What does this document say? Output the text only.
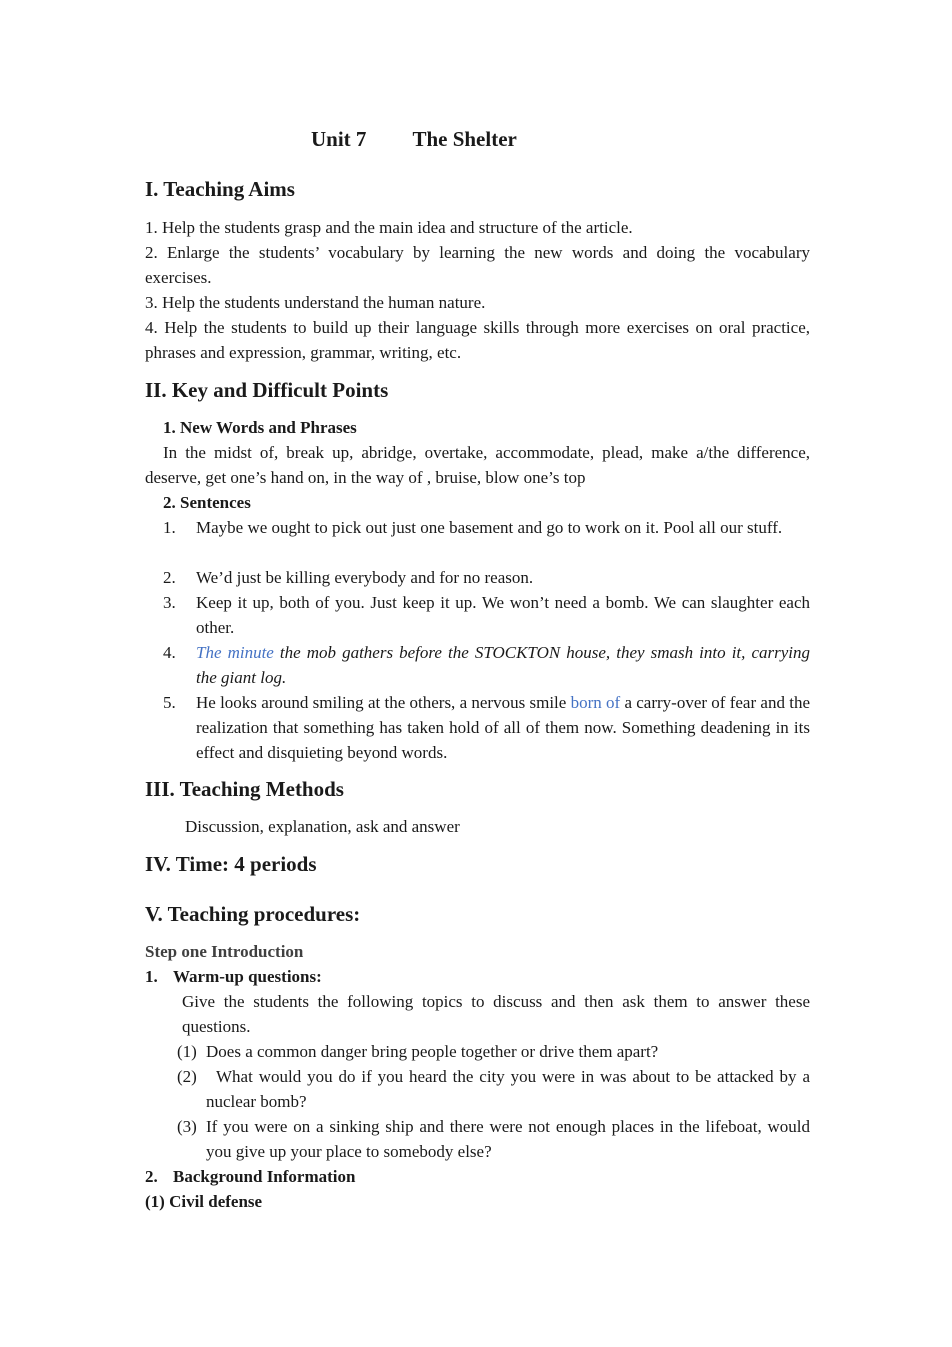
Unit 7 The Shelter
I. Teaching Aims

1. Help the students grasp and the main idea and structure of the article.

2. Enlarge the students’ vocabulary by learning the new words and doing the vocabulary exercises.

3. Help the students understand the human nature.

4. Help the students to build up their language skills through more exercises on oral practice, phrases and expression, grammar, writing, etc.

II. Key and Difficult Points
1. New Words and Phrases

In the midst of, break up, abridge, overtake, accommodate, plead, make a/the difference, deserve, get one’s hand on, in the way of , bruise, blow one’s top

2. Sentences
1. Maybe we ought to pick out just one basement and go to work on it. Pool all our stuff.

2. We’d just be killing everybody and for no reason.

3. Keep it up, both of you. Just keep it up. We won’t need a bomb. We can slaughter each other.

4. The minute the mob gathers before the STOCKTON house, they smash into it, carrying the giant log.

5. He looks around smiling at the others, a nervous smile born of a carry-over of fear and the realization that something has taken hold of all of them now. Something deadening in its effect and disquieting beyond words.

III. Teaching Methods

Discussion, explanation, ask and answer

IV. Time: 4 periods
V. Teaching procedures:
Step one Introduction
1. Warm-up questions:

Give the students the following topics to discuss and then ask them to answer these questions.

(1) Does a common danger bring people together or drive them apart?

(2)	What would you do if you heard the city you were in was about to be attacked by a nuclear bomb?

(3) If you were on a sinking ship and there were not enough places in the lifeboat, would you give up your place to somebody else?

2. Background Information
(1) Civil defense
